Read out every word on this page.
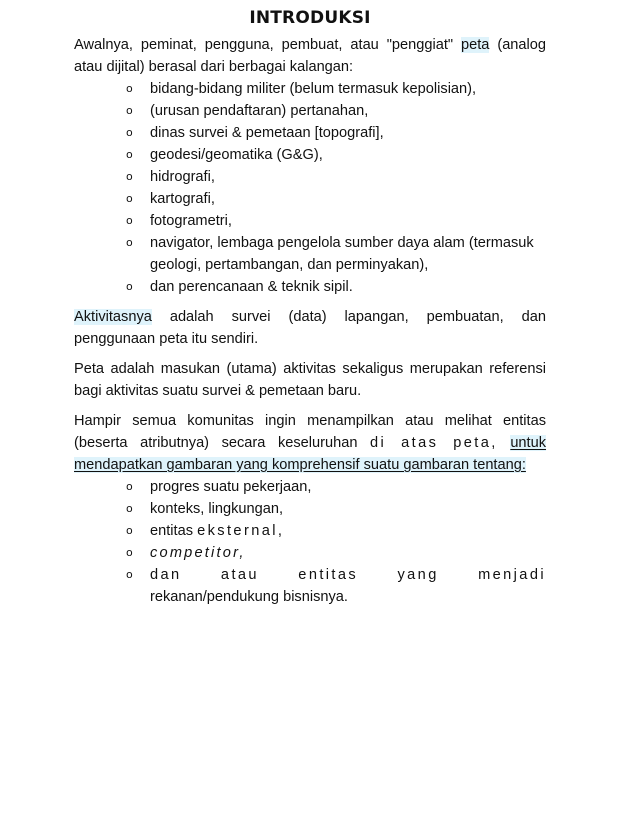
INTRODUKSI

Awalnya, peminat, pengguna, pembuat, atau "penggiat" peta (analog atau dijital) berasal dari berbagai kalangan:

o bidang-bidang militer (belum termasuk kepolisian),
o (urusan pendaftaran) pertanahan,
o dinas survei & pemetaan [topografi],
o geodesi/geomatika (G&G),
o hidrografi,
o kartografi,
o fotogrametri,
o navigator, lembaga pengelola sumber daya alam (termasuk geologi, pertambangan, dan perminyakan),
o dan perencanaan & teknik sipil.

Aktivitasnya adalah survei (data) lapangan, pembuatan, dan penggunaan peta itu sendiri.

Peta adalah masukan (utama) aktivitas sekaligus merupakan referensi bagi aktivitas suatu survei & pemetaan baru.

Hampir semua komunitas ingin menampilkan atau melihat entitas (beserta atributnya) secara keseluruhan di atas peta, untuk mendapatkan gambaran yang komprehensif suatu gambaran tentang:

o progres suatu pekerjaan,
o konteks, lingkungan,
o entitas eksternal,
o competitor,
o dan	atau	entitas	yang	menjadi
rekanan/pendukung bisnisnya.
